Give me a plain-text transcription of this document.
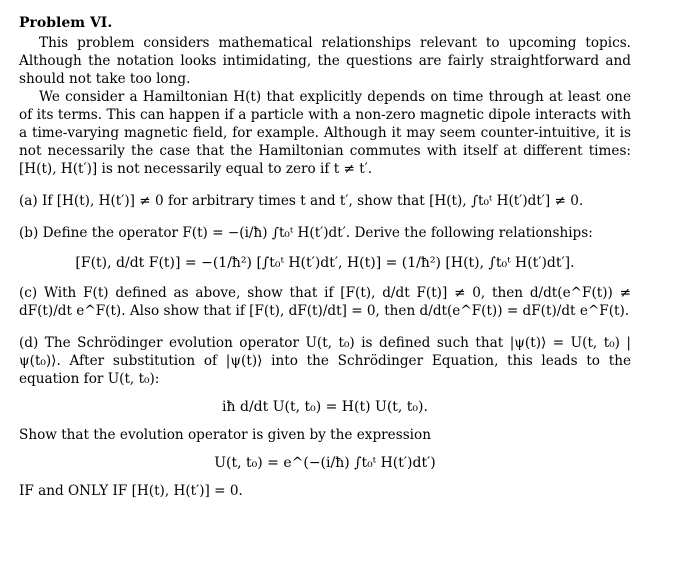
Problem VI.

This problem considers mathematical relationships relevant to upcoming topics. Although the notation looks intimidating, the questions are fairly straightforward and should not take too long.

We consider a Hamiltonian H(t) that explicitly depends on time through at least one of its terms. This can happen if a particle with a non-zero magnetic dipole interacts with a time-varying magnetic field, for example. Although it may seem counter-intuitive, it is not necessarily the case that the Hamiltonian commutes with itself at different times: [H(t), H(t′)] is not necessarily equal to zero if t ≠ t′.

(a) If [H(t), H(t′)] ≠ 0 for arbitrary times t and t′, show that [H(t), ∫t₀ᵗ H(t′)dt′] ≠ 0.

(b) Define the operator F(t) = −(i/ħ) ∫t₀ᵗ H(t′)dt′. Derive the following relationships:

[F(t), d/dt F(t)] = −(1/ħ²) [∫t₀ᵗ H(t′)dt′, H(t)] = (1/ħ²) [H(t), ∫t₀ᵗ H(t′)dt′].

(c) With F(t) defined as above, show that if [F(t), d/dt F(t)] ≠ 0, then d/dt(e^F(t)) ≠ dF(t)/dt e^F(t). Also show that if [F(t), dF(t)/dt] = 0, then d/dt(e^F(t)) = dF(t)/dt e^F(t).

(d) The Schrödinger evolution operator U(t, t₀) is defined such that |ψ(t)⟩ = U(t, t₀) |ψ(t₀)⟩. After substitution of |ψ(t)⟩ into the Schrödinger Equation, this leads to the equation for U(t, t₀):

iħ d/dt U(t, t₀) = H(t) U(t, t₀).

Show that the evolution operator is given by the expression

U(t, t₀) = e^(−(i/ħ) ∫t₀ᵗ H(t′)dt′)

IF and ONLY IF [H(t), H(t′)] = 0.
